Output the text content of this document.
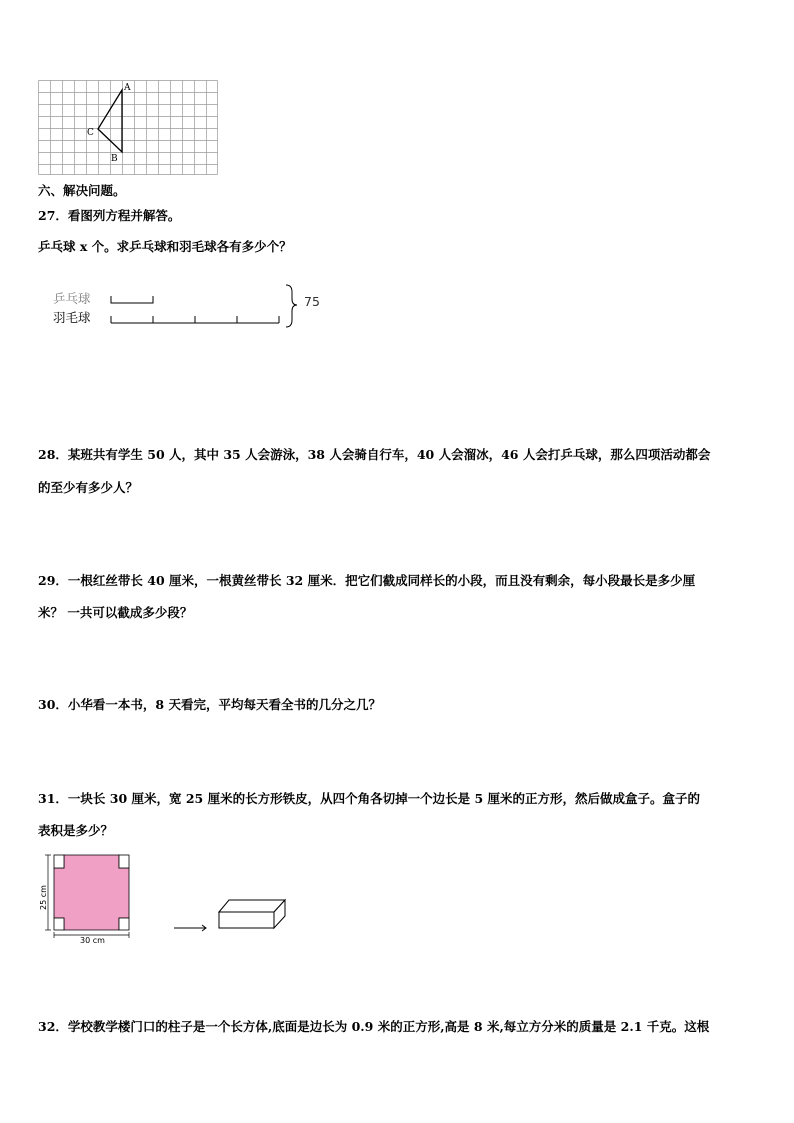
A
C
B
六、解决问题。
27．看图列方程并解答。
乒乓球 x 个。求乒乓球和羽毛球各有多少个？
乒乓球
羽毛球
75
28．某班共有学生 50 人，其中 35 人会游泳，38 人会骑自行车，40 人会溜冰，46 人会打乒乓球，那么四项活动都会
的至少有多少人？
29．一根红丝带长 40 厘米，一根黄丝带长 32 厘米．把它们截成同样长的小段，而且没有剩余，每小段最长是多少厘
米？ 一共可以截成多少段？
30．小华看一本书，8 天看完，平均每天看全书的几分之几？
31．一块长 30 厘米，宽 25 厘米的长方形铁皮，从四个角各切掉一个边长是 5 厘米的正方形，然后做成盒子。盒子的
表积是多少？
25 cm
30 cm
32．学校教学楼门口的柱子是一个长方体,底面是边长为 0.9 米的正方形,高是 8 米,每立方分米的质量是 2.1 千克。这根
